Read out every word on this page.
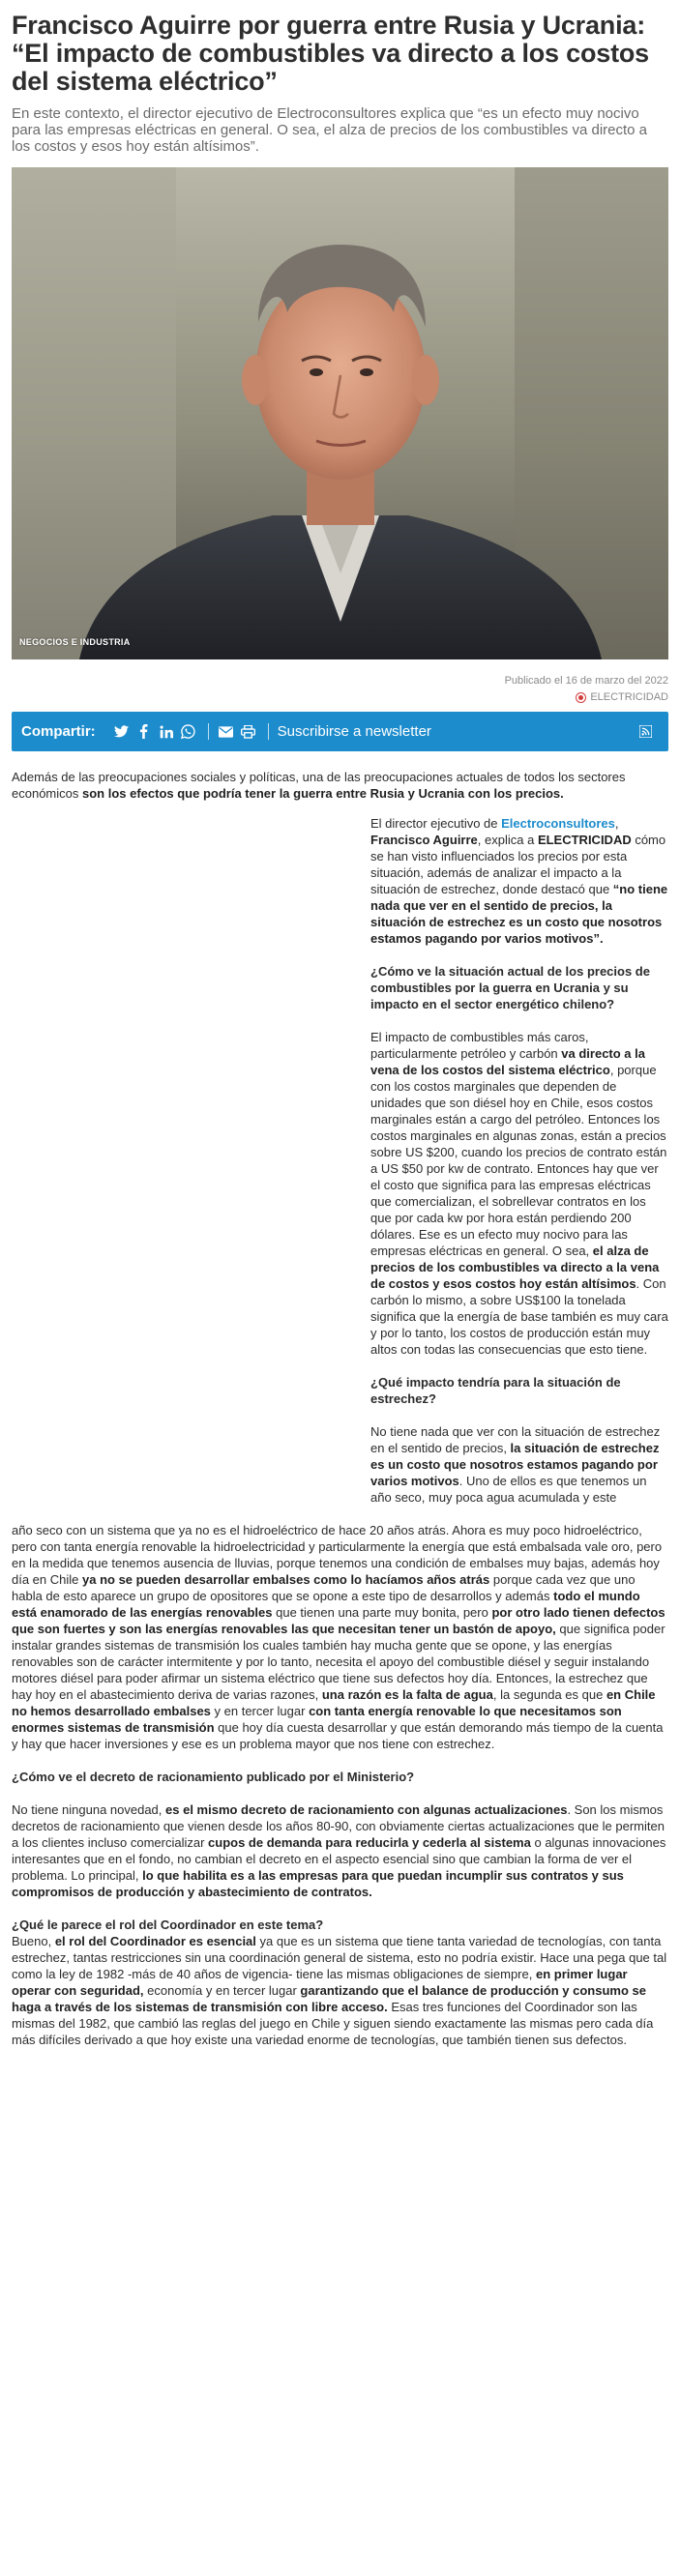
Francisco Aguirre por guerra entre Rusia y Ucrania: “El impacto de combustibles va directo a los costos del sistema eléctrico”

En este contexto, el director ejecutivo de Electroconsultores explica que “es un efecto muy nocivo para las empresas eléctricas en general. O sea, el alza de precios de los combustibles va directo a los costos y esos hoy están altísimos”.

NEGOCIOS E INDUSTRIA
Publicado el 16 de marzo del 2022
ELECTRICIDAD
Compartir:	Suscribirse a newsletter

Además de las preocupaciones sociales y políticas, una de las preocupaciones actuales de todos los sectores económicos son los efectos que podría tener la guerra entre Rusia y Ucrania con los precios.

El director ejecutivo de Electroconsultores, Francisco Aguirre, explica a ELECTRICIDAD cómo se han visto influenciados los precios por esta situación, además de analizar el impacto a la situación de estrechez, donde destacó que “no tiene nada que ver en el sentido de precios, la situación de estrechez es un costo que nosotros estamos pagando por varios motivos”.

¿Cómo ve la situación actual de los precios de combustibles por la guerra en Ucrania y su impacto en el sector energético chileno?

El impacto de combustibles más caros, particularmente petróleo y carbón va directo a la vena de los costos del sistema eléctrico, porque con los costos marginales que dependen de unidades que son diésel hoy en Chile, esos costos marginales están a cargo del petróleo. Entonces los costos marginales en algunas zonas, están a precios sobre US $200, cuando los precios de contrato están a US $50 por kw de contrato. Entonces hay que ver el costo que significa para las empresas eléctricas que comercializan, el sobrellevar contratos en los que por cada kw por hora están perdiendo 200 dólares. Ese es un efecto muy nocivo para las empresas eléctricas en general. O sea, el alza de precios de los combustibles va directo a la vena de costos y esos costos hoy están altísimos. Con carbón lo mismo, a sobre US$100 la tonelada significa que la energía de base también es muy cara y por lo tanto, los costos de producción están muy altos con todas las consecuencias que esto tiene.

¿Qué impacto tendría para la situación de estrechez?

No tiene nada que ver con la situación de estrechez en el sentido de precios, la situación de estrechez es un costo que nosotros estamos pagando por varios motivos. Uno de ellos es que tenemos un año seco, muy poca agua acumulada y este

año seco con un sistema que ya no es el hidroeléctrico de hace 20 años atrás. Ahora es muy poco hidroeléctrico, pero con tanta energía renovable la hidroelectricidad y particularmente la energía que está embalsada vale oro, pero en la medida que tenemos ausencia de lluvias, porque tenemos una condición de embalses muy bajas, además hoy día en Chile ya no se pueden desarrollar embalses como lo hacíamos años atrás porque cada vez que uno habla de esto aparece un grupo de opositores que se opone a este tipo de desarrollos y además todo el mundo está enamorado de las energías renovables que tienen una parte muy bonita, pero por otro lado tienen defectos que son fuertes y son las energías renovables las que necesitan tener un bastón de apoyo, que significa poder instalar grandes sistemas de transmisión los cuales también hay mucha gente que se opone, y las energías renovables son de carácter intermitente y por lo tanto, necesita el apoyo del combustible diésel y seguir instalando motores diésel para poder afirmar un sistema eléctrico que tiene sus defectos hoy día. Entonces, la estrechez que hay hoy en el abastecimiento deriva de varias razones, una razón es la falta de agua, la segunda es que en Chile no hemos desarrollado embalses y en tercer lugar con tanta energía renovable lo que necesitamos son enormes sistemas de transmisión que hoy día cuesta desarrollar y que están demorando más tiempo de la cuenta y hay que hacer inversiones y ese es un problema mayor que nos tiene con estrechez.

¿Cómo ve el decreto de racionamiento publicado por el Ministerio?

No tiene ninguna novedad, es el mismo decreto de racionamiento con algunas actualizaciones. Son los mismos decretos de racionamiento que vienen desde los años 80-90, con obviamente ciertas actualizaciones que le permiten a los clientes incluso comercializar cupos de demanda para reducirla y cederla al sistema o algunas innovaciones interesantes que en el fondo, no cambian el decreto en el aspecto esencial sino que cambian la forma de ver el problema. Lo principal, lo que habilita es a las empresas para que puedan incumplir sus contratos y sus compromisos de producción y abastecimiento de contratos.

¿Qué le parece el rol del Coordinador en este tema?

Bueno, el rol del Coordinador es esencial ya que es un sistema que tiene tanta variedad de tecnologías, con tanta estrechez, tantas restricciones sin una coordinación general de sistema, esto no podría existir. Hace una pega que tal como la ley de 1982 -más de 40 años de vigencia- tiene las mismas obligaciones de siempre, en primer lugar operar con seguridad, economía y en tercer lugar garantizando que el balance de producción y consumo se haga a través de los sistemas de transmisión con libre acceso. Esas tres funciones del Coordinador son las mismas del 1982, que cambió las reglas del juego en Chile y siguen siendo exactamente las mismas pero cada día más difíciles derivado a que hoy existe una variedad enorme de tecnologías, que también tienen sus defectos.
